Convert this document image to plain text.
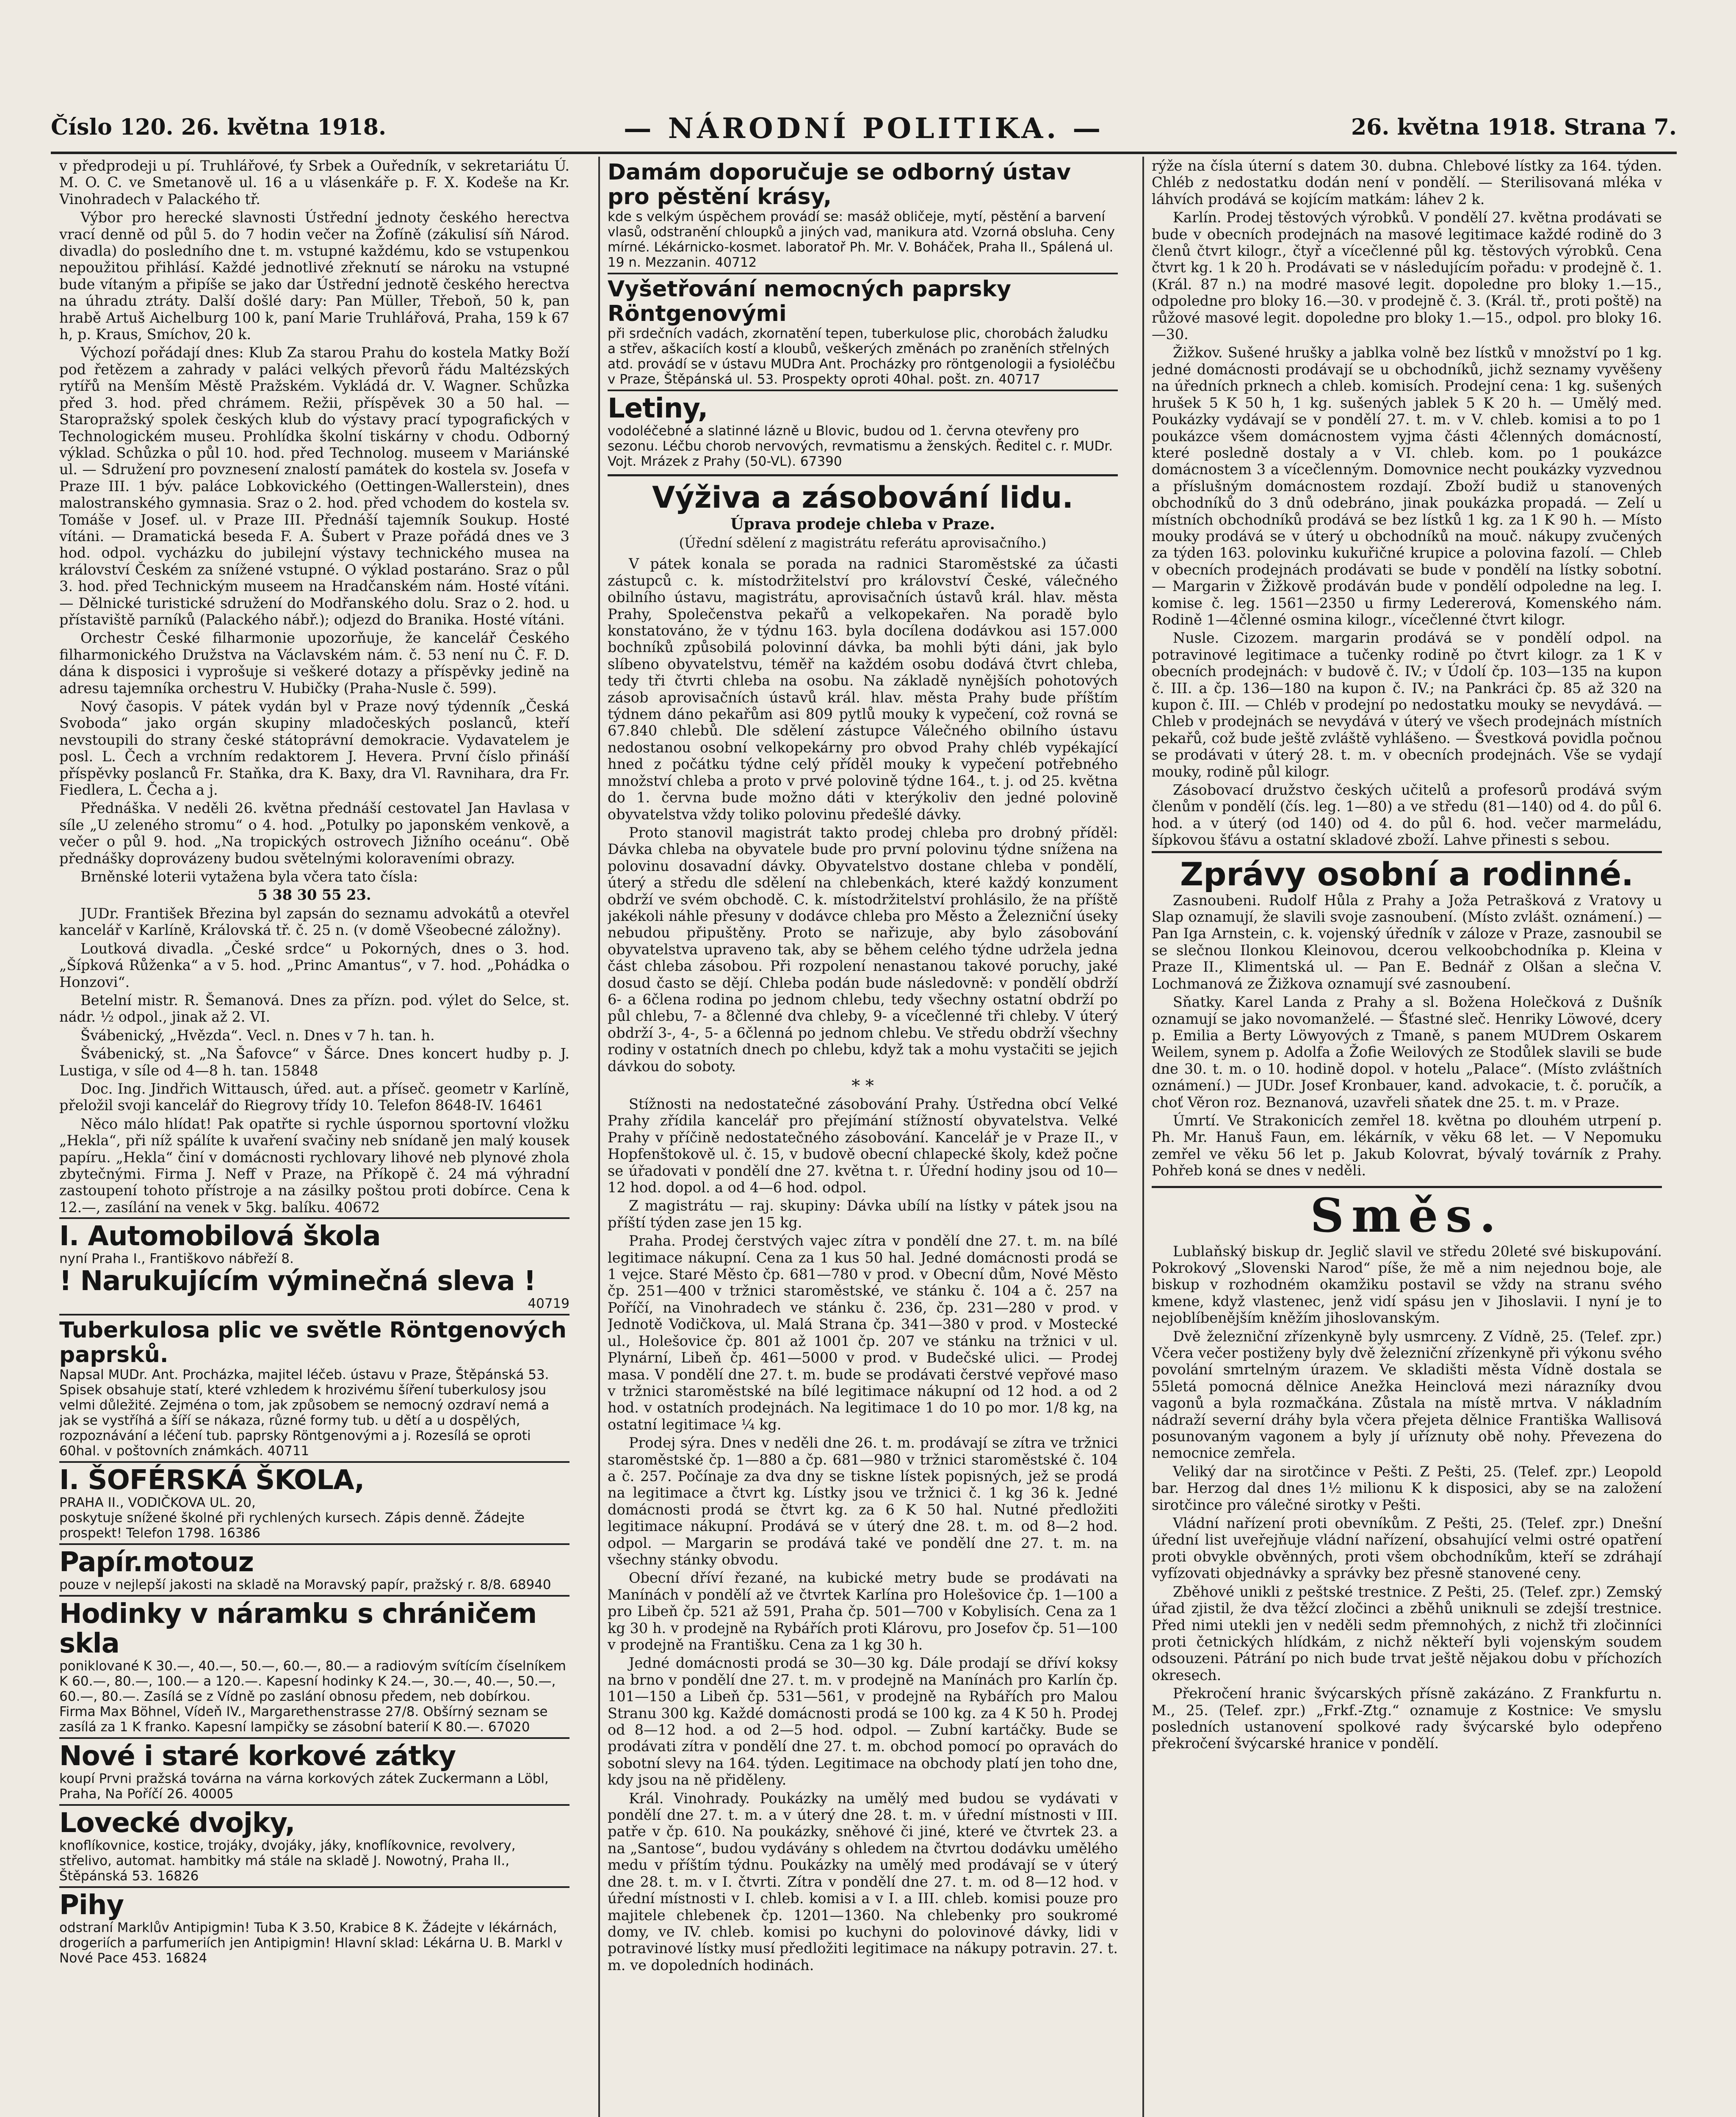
Číslo 120. 26. května 1918.	— NÁRODNÍ POLITIKA. —	26. května 1918. Strana 7.

v předprodeji u pí. Truhlářové, ťy Srbek a Ouředník, v sekretariátu Ú. M. O. C. ve Smetanově ul. 16 a u vlásenkáře p. F. X. Kodeše na Kr. Vinohradech v Palackého tř.

Výbor pro herecké slavnosti Ústřední jednoty českého herectva vrací denně od půl 5. do 7 hodin večer na Žofíně (zákulisí síň Národ. divadla) do posledního dne t. m. vstupné každému, kdo se vstupenkou nepoužitou přihlásí. Každé jednotlivé zřeknutí se nároku na vstupné bude vítaným a připíše se jako dar Ústřední jednotě českého herectva na úhradu ztráty. Další došlé dary: Pan Müller, Třeboň, 50 k, pan hrabě Artuš Aichelburg 100 k, paní Marie Truhlářová, Praha, 159 k 67 h, p. Kraus, Smíchov, 20 k.

Výchozí pořádají dnes: Klub Za starou Prahu do kostela Matky Boží pod řetězem a zahrady v paláci velkých převorů řádu Maltézských rytířů na Menším Městě Pražském. Vykládá dr. V. Wagner. Schůzka před 3. hod. před chrámem. Režii, příspěvek 30 a 50 hal. — Staropražský spolek českých klub do výstavy prací typografických v Technologickém museu. Prohlídka školní tiskárny v chodu. Odborný výklad. Schůzka o půl 10. hod. před Technolog. museem v Mariánské ul. — Sdružení pro povznesení znalostí památek do kostela sv. Josefa v Praze III. 1 býv. paláce Lobkovického (Oettingen-Wallerstein), dnes malostranského gymnasia. Sraz o 2. hod. před vchodem do kostela sv. Tomáše v Josef. ul. v Praze III. Přednáší tajemník Soukup. Hosté vítáni. — Dramatická beseda F. A. Šubert v Praze pořádá dnes ve 3 hod. odpol. vycházku do jubilejní výstavy technického musea na království Českém za snížené vstupné. O výklad postaráno. Sraz o půl 3. hod. před Technickým museem na Hradčanském nám. Hosté vítáni. — Dělnické turistické sdružení do Modřanského dolu. Sraz o 2. hod. u přístaviště parníků (Palackého nábř.); odjezd do Branika. Hosté vítáni.

Orchestr České filharmonie upozorňuje, že kancelář Českého filharmonického Družstva na Václavském nám. č. 53 není nu Č. F. D. dána k disposici i vyprošuje si veškeré dotazy a příspěvky jedině na adresu tajemníka orchestru V. Hubičky (Praha-Nusle č. 599).

Nový časopis. V pátek vydán byl v Praze nový týdenník „Česká Svoboda“ jako orgán skupiny mladočeských poslanců, kteří nevstoupili do strany české státoprávní demokracie. Vydavatelem je posl. L. Čech a vrchním redaktorem J. Hevera. První číslo přináší příspěvky poslanců Fr. Staňka, dra K. Baxy, dra Vl. Ravnihara, dra Fr. Fiedlera, L. Čecha a j.

Přednáška. V neděli 26. května přednáší cestovatel Jan Havlasa v síle „U zeleného stromu“ o 4. hod. „Potulky po japonském venkově, a večer o půl 9. hod. „Na tropických ostrovech Jižního oceánu“. Obě přednášky doprovázeny budou světelnými koloraveními obrazy.

Brněnské loterii vytažena byla včera tato čísla:

5 38 30 55 23.

JUDr. František Březina byl zapsán do seznamu advokátů a otevřel kancelář v Karlíně, Královská tř. č. 25 n. (v domě Všeobecné záložny).

Loutková divadla. „České srdce“ u Pokorných, dnes o 3. hod. „Šípková Růženka“ a v 5. hod. „Princ Amantus“, v 7. hod. „Pohádka o Honzovi“.

Betelní mistr. R. Šemanová. Dnes za přízn. pod. výlet do Selce, st. nádr. ½ odpol., jinak až 2. VI.

Švábenický, „Hvězda“. Vecl. n. Dnes v 7 h. tan. h.

Švábenický, st. „Na Šafovce“ v Šárce. Dnes koncert hudby p. J. Lustiga, v síle od 4—8 h. tan. 15848

Doc. Ing. Jindřich Wittausch, úřed. aut. a příseč. geometr v Karlíně, přeložil svoji kancelář do Riegrovy třídy 10. Telefon 8648-IV. 16461

Něco málo hlídat! Pak opatřte si rychle úspornou sportovní vložku „Hekla“, při níž spálíte k uvaření svačiny neb snídaně jen malý kousek papíru. „Hekla“ činí v domácnosti rychlovary lihové neb plynové zhola zbytečnými. Firma J. Neff v Praze, na Příkopě č. 24 má výhradní zastoupení tohoto přístroje a na zásilky poštou proti dobírce. Cena k 12.—, zasílání na venek v 5kg. balíku. 40672

I. Automobilová škola
nyní Praha I., Františkovo nábřeží 8.
! Narukujícím výminečná sleva !
40719
Tuberkulosa plic ve světle Röntgenových paprsků.
Napsal MUDr. Ant. Procházka, majitel léčeb. ústavu v Praze, Štěpánská 53. Spisek obsahuje statí, které vzhledem k hrozivému šíření tuberkulosy jsou velmi důležité. Zejména o tom, jak způsobem se nemocný ozdraví nemá a jak se vystříhá a šíří se nákaza, různé formy tub. u dětí a u dospělých, rozpoznávání a léčení tub. paprsky Röntgenovými a j. Rozesílá se oproti 60hal. v poštovních známkách. 40711
I. ŠOFÉRSKÁ ŠKOLA,
PRAHA II., VODIČKOVA UL. 20,
poskytuje snížené školné při rychlených kursech. Zápis denně. Žádejte prospekt! Telefon 1798. 16386
Papír.motouz
pouze v nejlepší jakosti na skladě na Moravský papír, pražský r. 8/8. 68940
Hodinky v náramku s chráničem skla
poniklované K 30.—, 40.—, 50.—, 60.—, 80.— a radiovým svítícím číselníkem K 60.—, 80.—, 100.— a 120.—. Kapesní hodinky K 24.—, 30.—, 40.—, 50.—, 60.—, 80.—. Zasílá se z Vídně po zaslání obnosu předem, neb dobírkou. Firma Max Böhnel, Vídeň IV., Margarethenstrasse 27/8. Obšírný seznam se zasílá za 1 K franko. Kapesní lampičky se zásobní baterií K 80.—. 67020
Nové i staré korkové zátky
koupí Prvni pražská továrna na várna korkových zátek Zuckermann a Löbl, Praha, Na Poříčí 26. 40005
Lovecké dvojky,
knoflíkovnice, kostice, trojáky, dvojáky, jáky, knoflíkovnice, revolvery, střelivo, automat. hambitky má stále na skladě J. Nowotný, Praha II., Štěpánská 53. 16826
Pihy
odstraní Marklův Antipigmin! Tuba K 3.50, Krabice 8 K. Žádejte v lékárnách, drogeriích a parfumeriích jen Antipigmin! Hlavní sklad: Lékárna U. B. Markl v Nové Pace 453. 16824
Damám doporučuje se odborný ústav pro pěstění krásy,
kde s velkým úspěchem provádí se: masáž obličeje, mytí, pěstění a barvení vlasů, odstranění chloupků a jiných vad, manikura atd. Vzorná obsluha. Ceny mírné. Lékárnicko-kosmet. laboratoř Ph. Mr. V. Boháček, Praha II., Spálená ul. 19 n. Mezzanin. 40712
Vyšetřování nemocných paprsky Röntgenovými
při srdečních vadách, zkornatění tepen, tuberkulose plic, chorobách žaludku a střev, aškaciích kostí a kloubů, veškerých změnách po zraněních střelných atd. provádí se v ústavu MUDra Ant. Procházky pro röntgenologii a fysioléčbu v Praze, Štěpánská ul. 53. Prospekty oproti 40hal. pošt. zn. 40717
Letiny,
vodoléčebné a slatinné lázně u Blovic, budou od 1. června otevřeny pro sezonu. Léčbu chorob nervových, revmatismu a ženských. Ředitel c. r. MUDr. Vojt. Mrázek z Prahy (50-VL). 67390
Výživa a zásobování lidu.

Úprava prodeje chleba v Praze.

(Úřední sdělení z magistrátu referátu aprovisačního.)

V pátek konala se porada na radnici Staroměstské za účasti zástupců c. k. místodržitelství pro království České, válečného obilního ústavu, magistrátu, aprovisačních ústavů král. hlav. města Prahy, Společenstva pekařů a velkopekařen. Na poradě bylo konstatováno, že v týdnu 163. byla docílena dodávkou asi 157.000 bochníků způsobilá polovinní dávka, ba mohli býti dáni, jak bylo slíbeno obyvatelstvu, téměř na každém osobu dodává čtvrt chleba, tedy tři čtvrti chleba na osobu. Na základě nynějších pohotových zásob aprovisačních ústavů král. hlav. města Prahy bude příštím týdnem dáno pekařům asi 809 pytlů mouky k vypečení, což rovná se 67.840 chlebů. Dle sdělení zástupce Válečného obilního ústavu nedostanou osobní velkopekárny pro obvod Prahy chléb vypékající hned z počátku týdne celý příděl mouky k vypečení potřebného množství chleba a proto v prvé polovině týdne 164., t. j. od 25. května do 1. června bude možno dáti v kterýkoliv den jedné polovině obyvatelstva vždy toliko polovinu předešlé dávky.

Proto stanovil magistrát takto prodej chleba pro drobný příděl: Dávka chleba na obyvatele bude pro první polovinu týdne snížena na polovinu dosavadní dávky. Obyvatelstvo dostane chleba v pondělí, úterý a středu dle sdělení na chlebenkách, které každý konzument obdrží ve svém obchodě. C. k. místodržitelství prohlásilo, že na příště jakékoli náhle přesuny v dodávce chleba pro Město a Železniční úseky nebudou připuštěny. Proto se nařizuje, aby bylo zásobování obyvatelstva upraveno tak, aby se během celého týdne udržela jedna část chleba zásobou. Při rozpolení nenastanou takové poruchy, jaké dosud často se dějí. Chleba podán bude následovně: v pondělí obdrží 6- a 6člena rodina po jednom chlebu, tedy všechny ostatní obdrží po půl chlebu, 7- a 8členné dva chleby, 9- a vícečlenné tři chleby. V úterý obdrží 3-, 4-, 5- a 6členná po jednom chlebu. Ve středu obdrží všechny rodiny v ostatních dnech po chlebu, když tak a mohu vystačiti se jejich dávkou do soboty.

* *

Stížnosti na nedostatečné zásobování Prahy. Ústředna obcí Velké Prahy zřídila kancelář pro přejímání stížností obyvatelstva. Velké Prahy v příčině nedostatečného zásobování. Kancelář je v Praze II., v Hopfenštokově ul. č. 15, v budově obecní chlapecké školy, kdež počne se úřadovati v pondělí dne 27. května t. r. Úřední hodiny jsou od 10—12 hod. dopol. a od 4—6 hod. odpol.

Z magistrátu — raj. skupiny: Dávka ubílí na lístky v pátek jsou na příští týden zase jen 15 kg.

Praha. Prodej čerstvých vajec zítra v pondělí dne 27. t. m. na bílé legitimace nákupní. Cena za 1 kus 50 hal. Jedné domácnosti prodá se 1 vejce. Staré Město čp. 681—780 v prod. v Obecní dům, Nové Město čp. 251—400 v tržnici staroměstské, ve stánku č. 104 a č. 257 na Poříčí, na Vinohradech ve stánku č. 236, čp. 231—280 v prod. v Jednotě Vodičkova, ul. Malá Strana čp. 341—380 v prod. v Mostecké ul., Holešovice čp. 801 až 1001 čp. 207 ve stánku na tržnici v ul. Plynární, Libeň čp. 461—5000 v prod. v Budečské ulici. — Prodej masa. V pondělí dne 27. t. m. bude se prodávati čerstvé vepřové maso v tržnici staroměstské na bílé legitimace nákupní od 12 hod. a od 2 hod. v ostatních prodejnách. Na legitimace 1 do 10 po mor. 1/8 kg, na ostatní legitimace ¼ kg.

Prodej sýra. Dnes v neděli dne 26. t. m. prodávají se zítra ve tržnici staroměstské čp. 1—880 a čp. 681—980 v tržnici staroměstské č. 104 a č. 257. Počínaje za dva dny se tiskne lístek popisných, jež se prodá na legitimace a čtvrt kg. Lístky jsou ve tržnici č. 1 kg 36 k. Jedné domácnosti prodá se čtvrt kg. za 6 K 50 hal. Nutné předložiti legitimace nákupní. Prodává se v úterý dne 28. t. m. od 8—2 hod. odpol. — Margarin se prodává také ve pondělí dne 27. t. m. na všechny stánky obvodu.

Obecní dříví řezané, na kubické metry bude se prodávati na Manínách v pondělí až ve čtvrtek Karlína pro Holešovice čp. 1—100 a pro Libeň čp. 521 až 591, Praha čp. 501—700 v Kobylisích. Cena za 1 kg 30 h. v prodejně na Rybářích proti Klárovu, pro Josefov čp. 51—100 v prodejně na Františku. Cena za 1 kg 30 h.

Jedné domácnosti prodá se 30—30 kg. Dále prodají se dříví koksy na brno v pondělí dne 27. t. m. v prodejně na Manínách pro Karlín čp. 101—150 a Libeň čp. 531—561, v prodejně na Rybářích pro Malou Stranu 300 kg. Každé domácnosti prodá se 100 kg. za 4 K 50 h. Prodej od 8—12 hod. a od 2—5 hod. odpol. — Zubní kartáčky. Bude se prodávati zítra v pondělí dne 27. t. m. obchod pomocí po opravách do sobotní slevy na 164. týden. Legitimace na obchody platí jen toho dne, kdy jsou na ně přiděleny.

Král. Vinohrady. Poukázky na umělý med budou se vydávati v pondělí dne 27. t. m. a v úterý dne 28. t. m. v úřední místnosti v III. patře v čp. 610. Na poukázky, sněhové či jiné, které ve čtvrtek 23. a na „Santose“, budou vydávány s ohledem na čtvrtou dodávku umělého medu v příštím týdnu. Poukázky na umělý med prodávají se v úterý dne 28. t. m. v I. čtvrti. Zítra v pondělí dne 27. t. m. od 8—12 hod. v úřední místnosti v I. chleb. komisi a v I. a III. chleb. komisi pouze pro majitele chlebenek čp. 1201—1360. Na chlebenky pro soukromé domy, ve IV. chleb. komisi po kuchyni do polovinové dávky, lidi v potravinové lístky musí předložiti legitimace na nákupy potravin. 27. t. m. ve dopoledních hodinách.

rýže na čísla úterní s datem 30. dubna. Chlebové lístky za 164. týden. Chléb z nedostatku dodán není v pondělí. — Sterilisovaná mléka v láhvích prodává se kojícím matkám: láhev 2 k.

Karlín. Prodej těstových výrobků. V pondělí 27. května prodávati se bude v obecních prodejnách na masové legitimace každé rodině do 3 členů čtvrt kilogr., čtyř a vícečlenné půl kg. těstových výrobků. Cena čtvrt kg. 1 k 20 h. Prodávati se v následujícím pořadu: v prodejně č. 1. (Král. 87 n.) na modré masové legit. dopoledne pro bloky 1.—15., odpoledne pro bloky 16.—30. v prodejně č. 3. (Král. tř., proti poště) na růžové masové legit. dopoledne pro bloky 1.—15., odpol. pro bloky 16.—30.

Žižkov. Sušené hrušky a jablka volně bez lístků v množství po 1 kg. jedné domácnosti prodávají se u obchodníků, jichž seznamy vyvěšeny na úředních prknech a chleb. komisích. Prodejní cena: 1 kg. sušených hrušek 5 K 50 h, 1 kg. sušených jablek 5 K 20 h. — Umělý med. Poukázky vydávají se v pondělí 27. t. m. v V. chleb. komisi a to po 1 poukázce všem domácnostem vyjma části 4členných domácností, které posledně dostaly a v VI. chleb. kom. po 1 poukázce domácnostem 3 a vícečlenným. Domovnice necht poukázky vyzvednou a příslušným domácnostem rozdají. Zboží budiž u stanovených obchodníků do 3 dnů odebráno, jinak poukázka propadá. — Zelí u místních obchodníků prodává se bez lístků 1 kg. za 1 K 90 h. — Místo mouky prodává se v úterý u obchodníků na mouč. nákupy zvučených za týden 163. polovinku kukuřičné krupice a polovina fazolí. — Chleb v obecních prodejnách prodávati se bude v pondělí na lístky sobotní. — Margarin v Žižkově prodáván bude v pondělí odpoledne na leg. I. komise č. leg. 1561—2350 u firmy Ledererová, Komenského nám. Rodině 1—4členné osmina kilogr., vícečlenné čtvrt kilogr.

Nusle. Cizozem. margarin prodává se v pondělí odpol. na potravinové legitimace a tučenky rodině po čtvrt kilogr. za 1 K v obecních prodejnách: v budově č. IV.; v Údolí čp. 103—135 na kupon č. III. a čp. 136—180 na kupon č. IV.; na Pankráci čp. 85 až 320 na kupon č. III. — Chléb v prodejní po nedostatku mouky se nevydává. — Chleb v prodejnách se nevydává v úterý ve všech prodejnách místních pekařů, což bude ještě zvláště vyhlášeno. — Švestková povidla počnou se prodávati v úterý 28. t. m. v obecních prodejnách. Vše se vydají mouky, rodině půl kilogr.

Zásobovací družstvo českých učitelů a profesorů prodává svým členům v pondělí (čís. leg. 1—80) a ve středu (81—140) od 4. do půl 6. hod. a v úterý (od 140) od 4. do půl 6. hod. večer marmeládu, šípkovou šťávu a ostatní skladové zboží. Lahve přinesti s sebou.

Zprávy osobní a rodinné.

Zasnoubeni. Rudolf Hůla z Prahy a Joža Petrašková z Vratovy u Slap oznamují, že slavili svoje zasnoubení. (Místo zvlášt. oznámení.) — Pan Iga Arnstein, c. k. vojenský úředník v záloze v Praze, zasnoubil se se slečnou Ilonkou Kleinovou, dcerou velkoobchodníka p. Kleina v Praze II., Klimentská ul. — Pan E. Bednář z Olšan a slečna V. Lochmanová ze Žižkova oznamují své zasnoubení.

Sňatky. Karel Landa z Prahy a sl. Božena Holečková z Dušník oznamují se jako novomanželé. — Šťastné sleč. Henriky Löwové, dcery p. Emilia a Berty Löwyových z Tmaně, s panem MUDrem Oskarem Weilem, synem p. Adolfa a Žofie Weilových ze Stodůlek slavili se bude dne 30. t. m. o 10. hodině dopol. v hotelu „Palace“. (Místo zvláštních oznámení.) — JUDr. Josef Kronbauer, kand. advokacie, t. č. poručík, a choť Věron roz. Beznanová, uzavřeli sňatek dne 25. t. m. v Praze.

Úmrtí. Ve Strakonicích zemřel 18. května po dlouhém utrpení p. Ph. Mr. Hanuš Faun, em. lékárník, v věku 68 let. — V Nepomuku zemřel ve věku 56 let p. Jakub Kolovrat, bývalý továrník z Prahy. Pohřeb koná se dnes v neděli.

Směs.

Lublaňský biskup dr. Jeglič slavil ve středu 20leté své biskupování. Pokrokový „Slovenski Narod“ píše, že mě a nim nejednou boje, ale biskup v rozhodném okamžiku postavil se vždy na stranu svého kmene, když vlastenec, jenž vidí spásu jen v Jihoslavii. I nyní je to nejoblíbenějším kněžím jihoslovanským.

Dvě železniční zřízenkyně byly usmrceny. Z Vídně, 25. (Telef. zpr.) Včera večer postiženy byly dvě železniční zřízenkyně při výkonu svého povolání smrtelným úrazem. Ve skladišti města Vídně dostala se 55letá pomocná dělnice Anežka Heinclová mezi nárazníky dvou vagonů a byla rozmačkána. Zůstala na místě mrtva. V nákladním nádraží severní dráhy byla včera přejeta dělnice Františka Wallisová posunovaným vagonem a byly jí uříznuty obě nohy. Převezena do nemocnice zemřela.

Veliký dar na sirotčince v Pešti. Z Pešti, 25. (Telef. zpr.) Leopold bar. Herzog dal dnes 1½ milionu K k disposici, aby se na založení sirotčince pro válečné sirotky v Pešti.

Vládní nařízení proti obevníkům. Z Pešti, 25. (Telef. zpr.) Dnešní úřední list uveřejňuje vládní nařízení, obsahující velmi ostré opatření proti obvykle obvěnných, proti všem obchodníkům, kteří se zdráhají vyfízovati objednávky a správky bez přesně stanovené ceny.

Zběhové unikli z peštské trestnice. Z Pešti, 25. (Telef. zpr.) Zemský úřad zjistil, že dva těžcí zločinci a zběhů uniknuli se zdejší trestnice. Před nimi utekli jen v neděli sedm přemnohých, z nichž tři zločinníci proti četnických hlídkám, z nichž někteří byli vojenským soudem odsouzeni. Pátrání po nich bude trvat ještě nějakou dobu v příchozích okresech.

Překročení hranic švýcarských přísně zakázáno. Z Frankfurtu n. M., 25. (Telef. zpr.) „Frkf.-Ztg.“ oznamuje z Kostnice: Ve smyslu posledních ustanovení spolkové rady švýcarské bylo odepřeno překročení švýcarské hranice v pondělí.
